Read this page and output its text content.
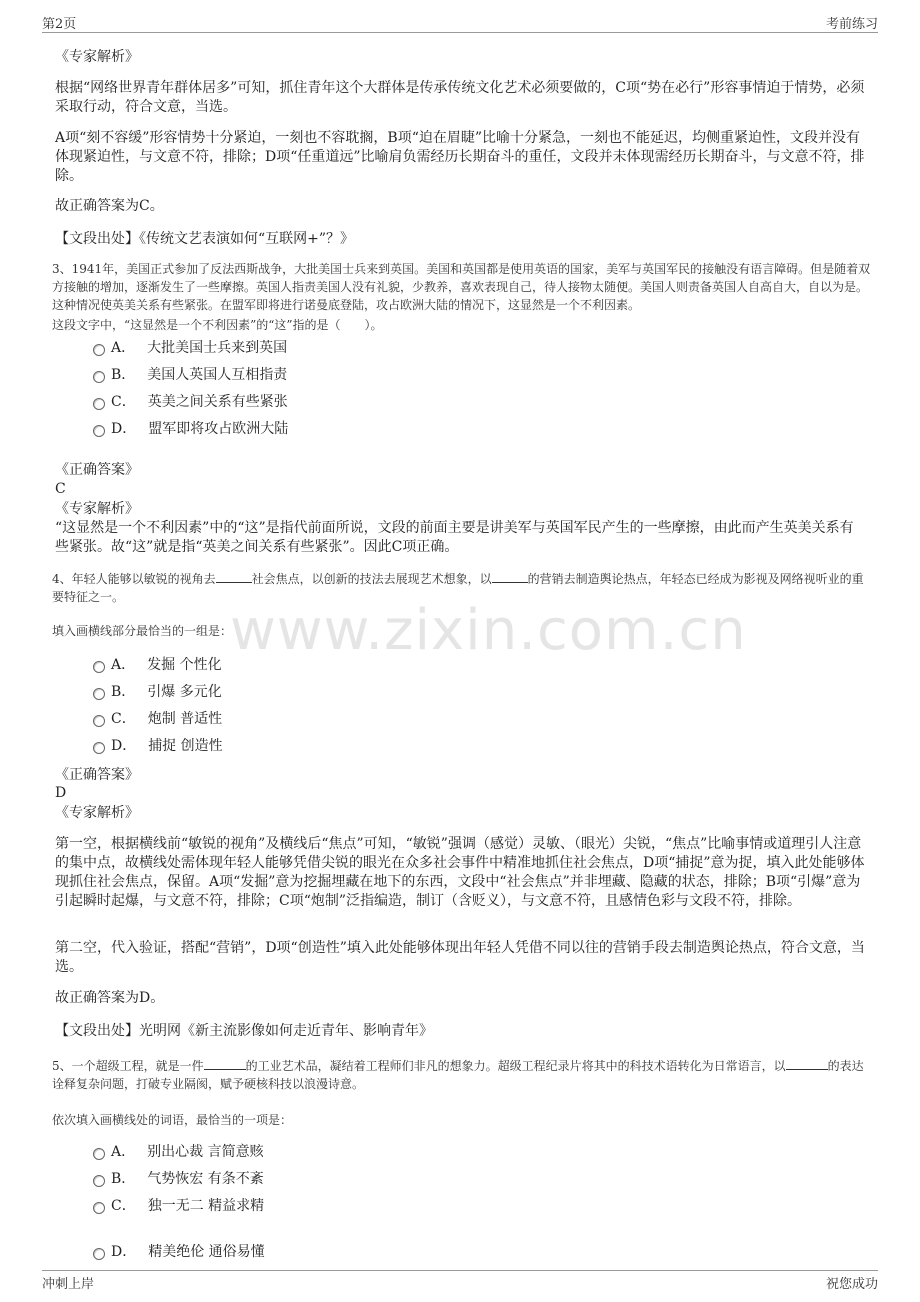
第2页	考前练习
www.zixin.com.cn
《专家解析》
根据“网络世界青年群体居多”可知，抓住青年这个大群体是传承传统文化艺术必须要做的，C项“势在必行”形容事情迫于情势，必须采取行动，符合文意，当选。
A项“刻不容缓”形容情势十分紧迫，一刻也不容耽搁，B项“迫在眉睫”比喻十分紧急，一刻也不能延迟，均侧重紧迫性，文段并没有体现紧迫性，与文意不符，排除；D项“任重道远”比喻肩负需经历长期奋斗的重任，文段并未体现需经历长期奋斗，与文意不符，排除。
故正确答案为C。
【文段出处】《传统文艺表演如何“互联网+”？》
3、1941年，美国正式参加了反法西斯战争，大批美国士兵来到英国。美国和英国都是使用英语的国家，美军与英国军民的接触没有语言障碍。但是随着双方接触的增加，逐渐发生了一些摩擦。英国人指责美国人没有礼貌，少教养，喜欢表现自己，待人接物太随便。美国人则责备英国人自高自大，自以为是。这种情况使英美关系有些紧张。在盟军即将进行诺曼底登陆，攻占欧洲大陆的情况下，这显然是一个不利因素。
这段文字中，“这显然是一个不利因素”的“这”指的是（　　）。
A． 大批美国士兵来到英国
B． 美国人英国人互相指责
C． 英美之间关系有些紧张
D． 盟军即将攻占欧洲大陆
《正确答案》
C
《专家解析》
“这显然是一个不利因素”中的“这”是指代前面所说，文段的前面主要是讲美军与英国军民产生的一些摩擦，由此而产生英美关系有些紧张。故“这”就是指“英美之间关系有些紧张”。因此C项正确。
4、年轻人能够以敏锐的视角去	社会焦点，以创新的技法去展现艺术想象，以	的营销去制造舆论热点，年轻态已经成为影视及网络视听业的重要特征之一。
填入画横线部分最恰当的一组是：
A． 发掘 个性化
B． 引爆 多元化
C． 炮制 普适性
D． 捕捉 创造性
《正确答案》
D
《专家解析》
第一空，根据横线前“敏锐的视角”及横线后“焦点”可知，“敏锐”强调（感觉）灵敏、（眼光）尖锐，“焦点”比喻事情或道理引人注意的集中点，故横线处需体现年轻人能够凭借尖锐的眼光在众多社会事件中精准地抓住社会焦点，D项“捕捉”意为捉，填入此处能够体现抓住社会焦点，保留。A项“发掘”意为挖掘埋藏在地下的东西，文段中“社会焦点”并非埋藏、隐藏的状态，排除；B项“引爆”意为引起瞬时起爆，与文意不符，排除；C项“炮制”泛指编造，制订（含贬义），与文意不符，且感情色彩与文段不符，排除。
第二空，代入验证，搭配“营销”，D项“创造性”填入此处能够体现出年轻人凭借不同以往的营销手段去制造舆论热点，符合文意，当选。
故正确答案为D。
【文段出处】光明网《新主流影像如何走近青年、影响青年》
5、一个超级工程，就是一件	的工业艺术品，凝结着工程师们非凡的想象力。超级工程纪录片将其中的科技术语转化为日常语言，以	的表达诠释复杂问题，打破专业隔阂，赋予硬核科技以浪漫诗意。
依次填入画横线处的词语，最恰当的一项是：
A． 别出心裁 言简意赅
B． 气势恢宏 有条不紊
C． 独一无二 精益求精
D． 精美绝伦 通俗易懂
冲刺上岸	祝您成功
